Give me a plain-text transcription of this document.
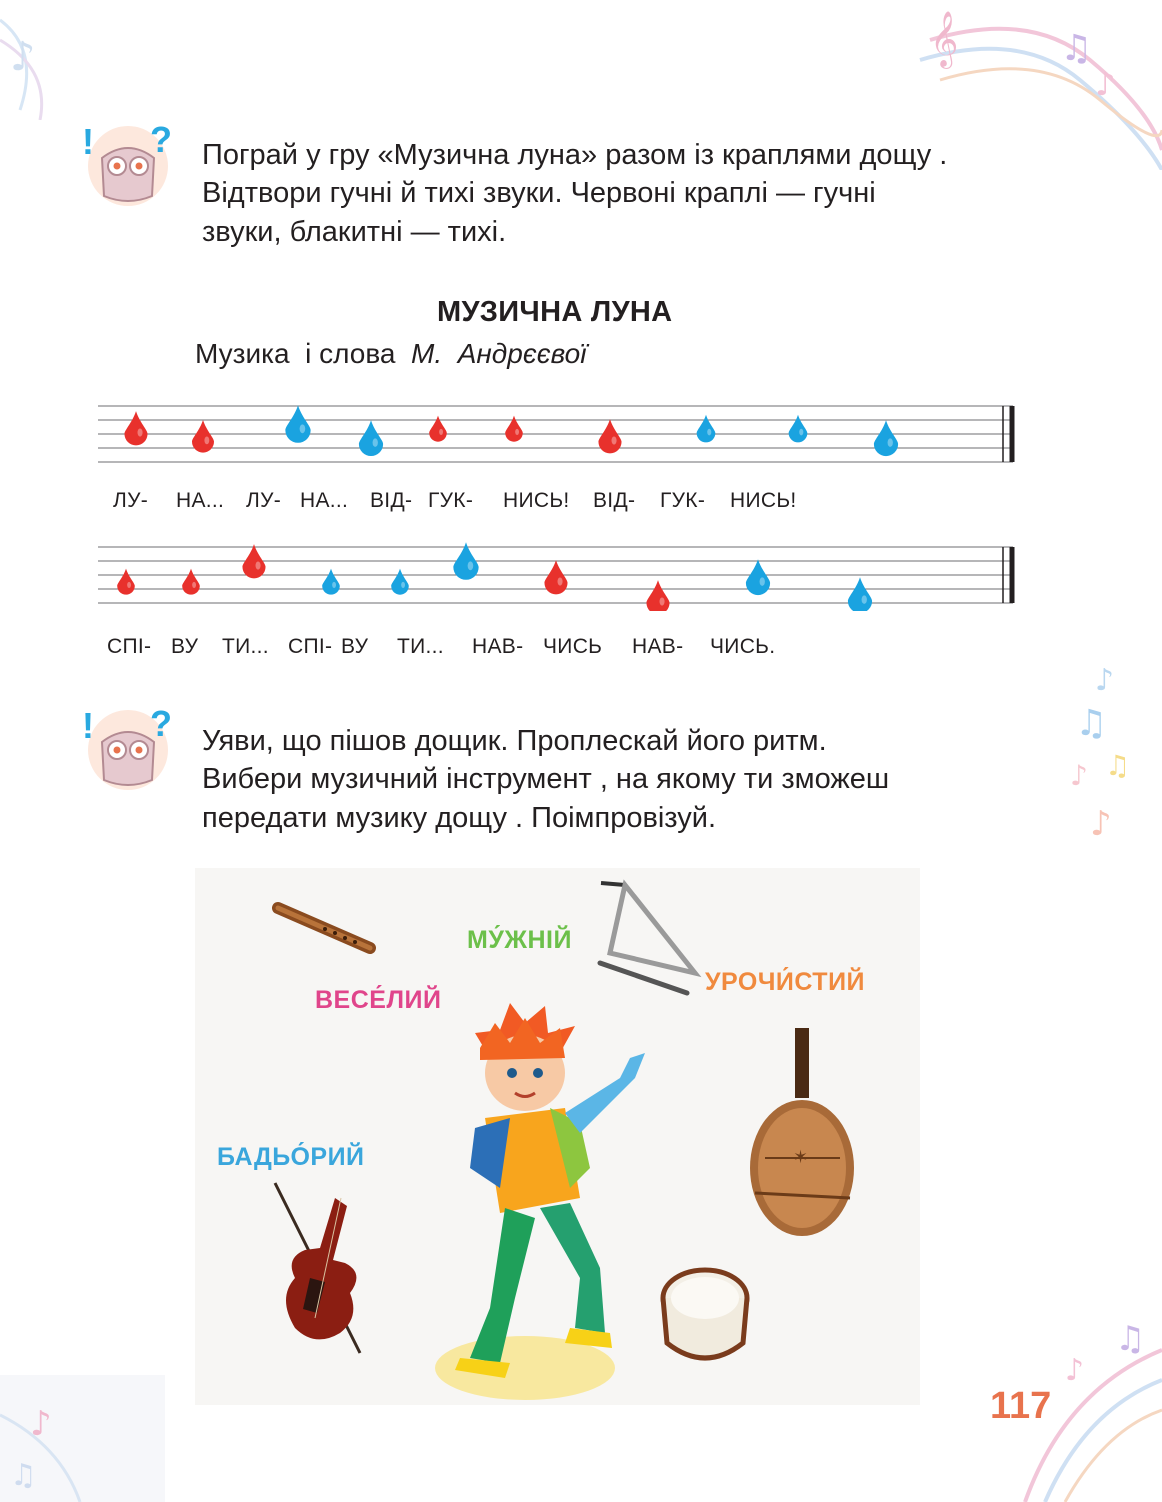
♪	𝄞	♫
♪
♪
♫
♫
♪
♪
♪
♫
♫
♪
! ? Пограй у гру «Музична луна» разом із краплями дощу .
Відтвори гучні й тихі звуки. Червоні краплі — гучні
звуки, блакитні — тихі.
МУЗИЧНА ЛУНА
Музика  і слова  М.  Андрєєвої
ЛУ- НА... ЛУ- НА... ВІД- ГУК- НИСЬ! ВІД- ГУК- НИСЬ!
СПІ- ВУ ТИ... СПІ- ВУ ТИ... НАВ- ЧИСЬ НАВ- ЧИСЬ.
! ? Уяви, що пішов дощик. Проплескай його ритм.
Вибери музичний інструмент , на якому ти зможеш
передати музику дощу . Поімпровізуй.
МУ́ЖНІЙ
ВЕСЕ́ЛИЙ
УРОЧИ́СТИЙ
БАДЬО́РИЙ	✶
117
